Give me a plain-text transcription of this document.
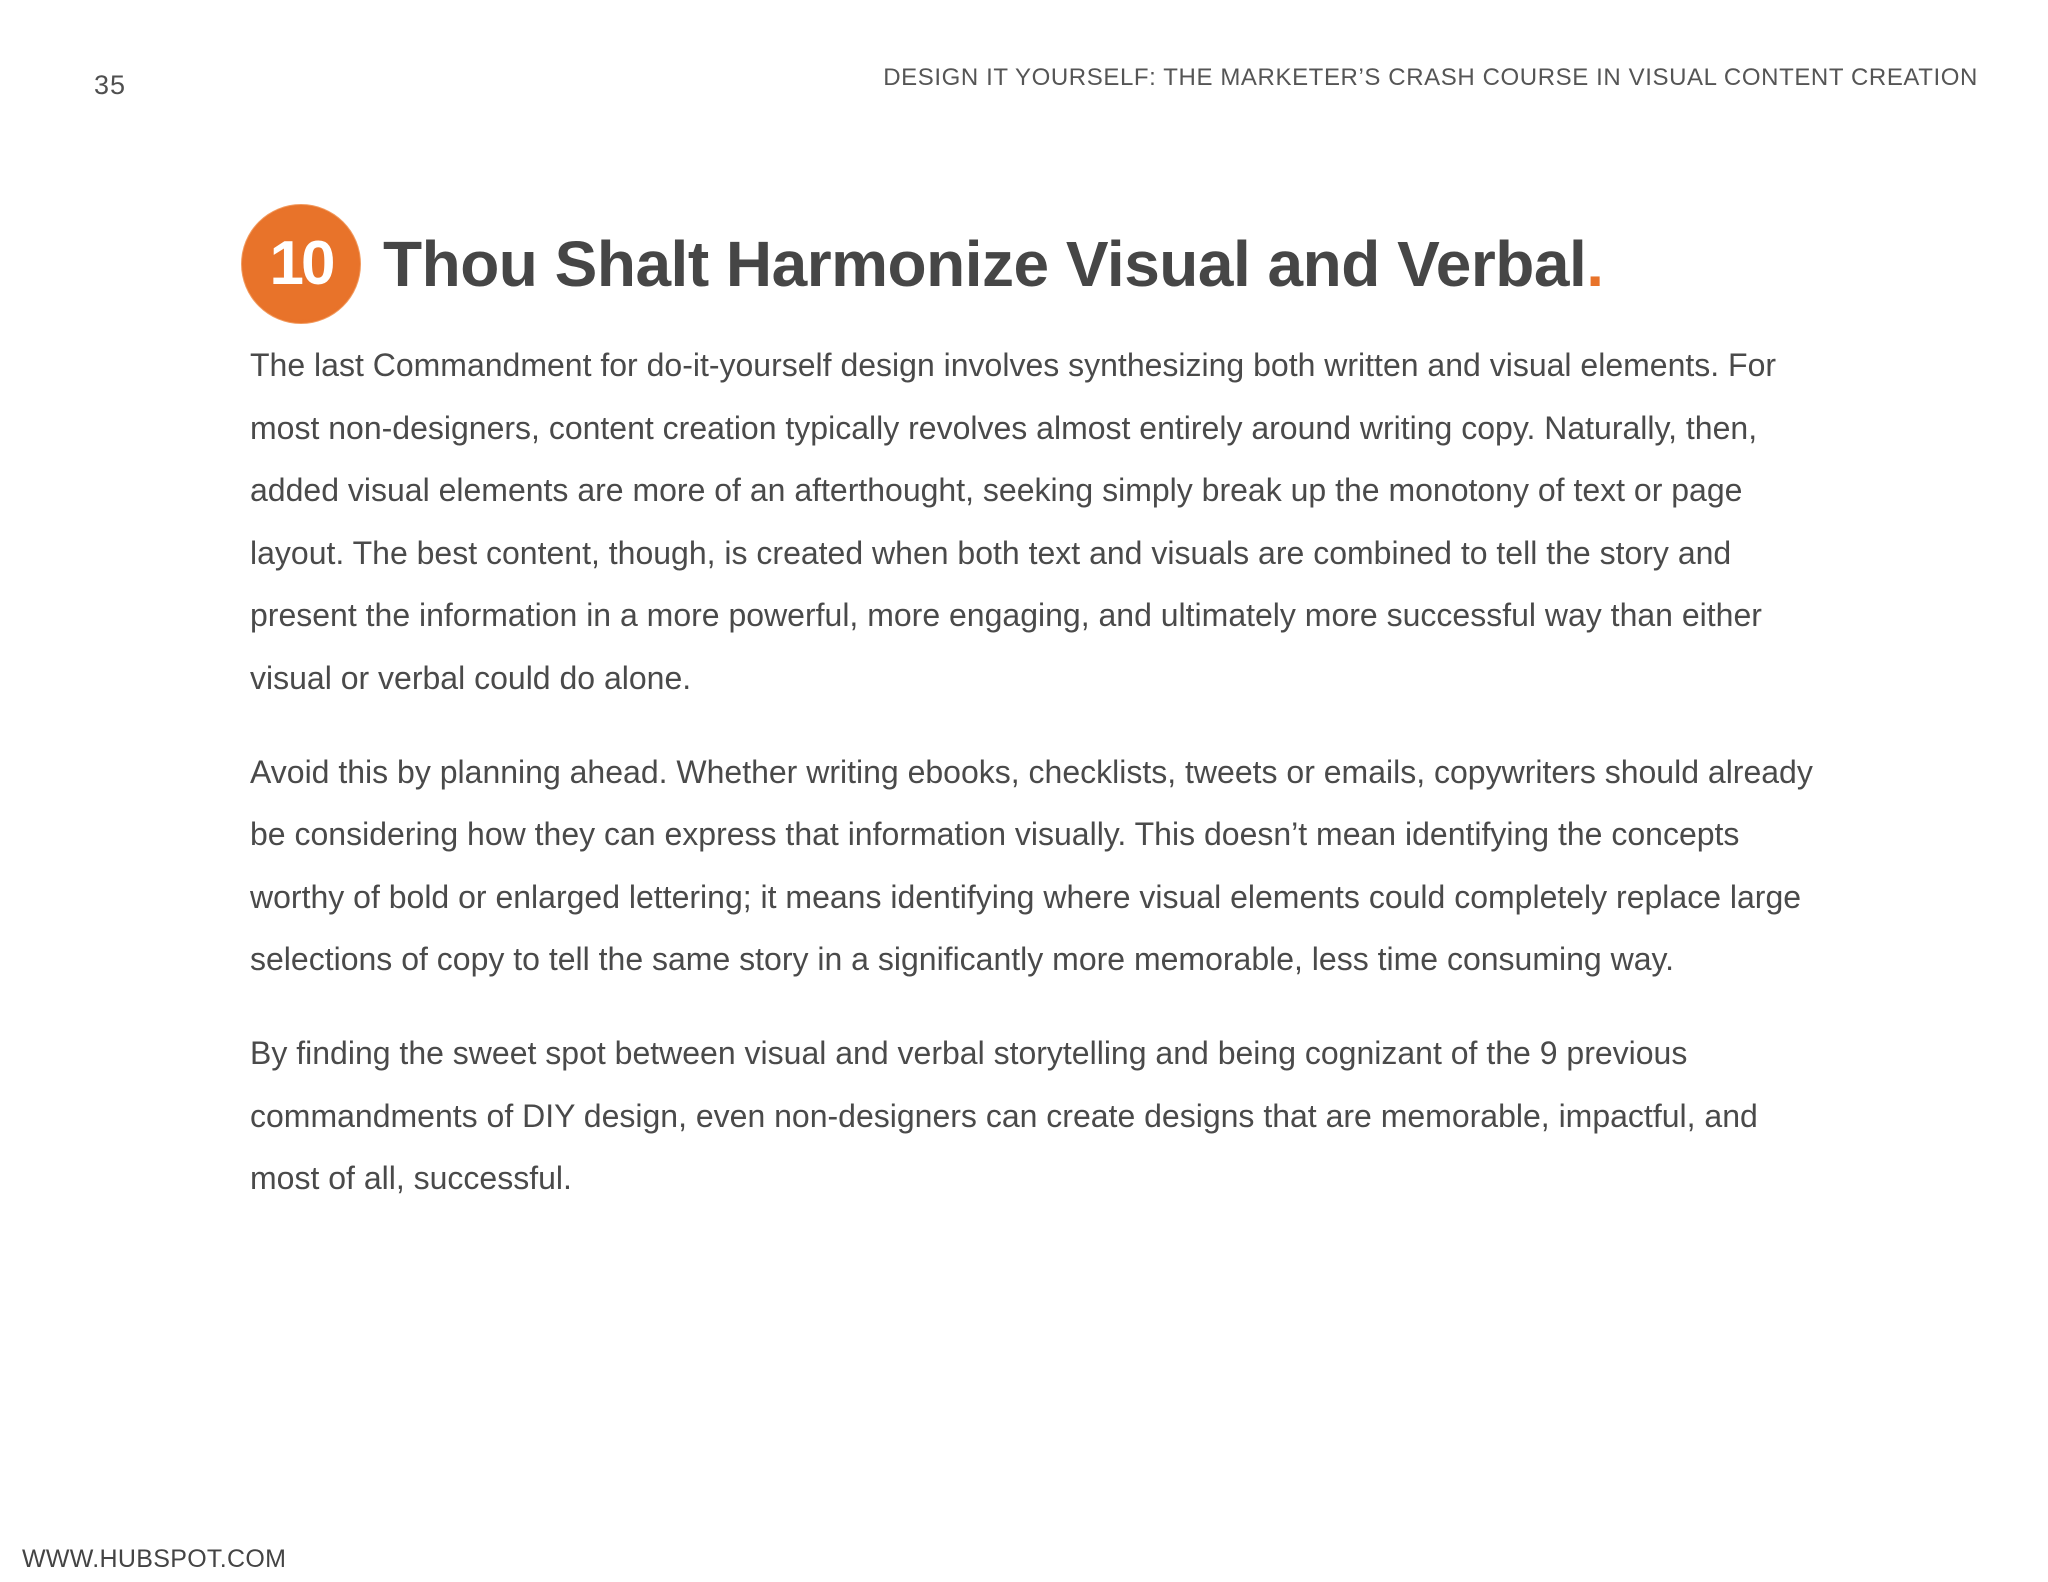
35	DESIGN IT YOURSELF: THE MARKETER’S CRASH COURSE IN VISUAL CONTENT CREATION
10 Thou Shalt Harmonize Visual and Verbal.

The last Commandment for do-it-yourself design involves synthesizing both written and visual elements. For most non-designers, content creation typically revolves almost entirely around writing copy. Naturally, then, added visual elements are more of an afterthought, seeking simply break up the monotony of text or page layout. The best content, though, is created when both text and visuals are combined to tell the story and present the information in a more powerful, more engaging, and ultimately more successful way than either visual or verbal could do alone.

Avoid this by planning ahead. Whether writing ebooks, checklists, tweets or emails, copywriters should already be considering how they can express that information visually. This doesn’t mean identifying the concepts worthy of bold or enlarged lettering; it means identifying where visual elements could completely replace large selections of copy to tell the same story in a significantly more memorable, less time consuming way.

By finding the sweet spot between visual and verbal storytelling and being cognizant of the 9 previous commandments of DIY design, even non-designers can create designs that are memorable, impactful, and most of all, successful.

WWW.HUBSPOT.COM
